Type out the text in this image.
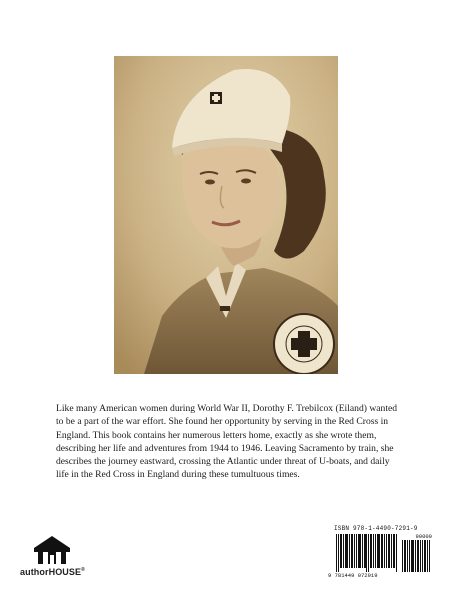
Like many American women during World War II, Dorothy F. Trebilcox (Eiland) wanted to be a part of the war effort. She found her opportunity by serving in the Red Cross in England. This book contains her numerous letters home, exactly as she wrote them, describing her life and adventures from 1944 to 1946. Leaving Sacramento by train, she describes the journey eastward, crossing the Atlantic under threat of U-boats, and daily life in the Red Cross in England during these tumultuous times.

authorHOUSE®
ISBN 978-1-4490-7291-9
90000
9 781449 072919
